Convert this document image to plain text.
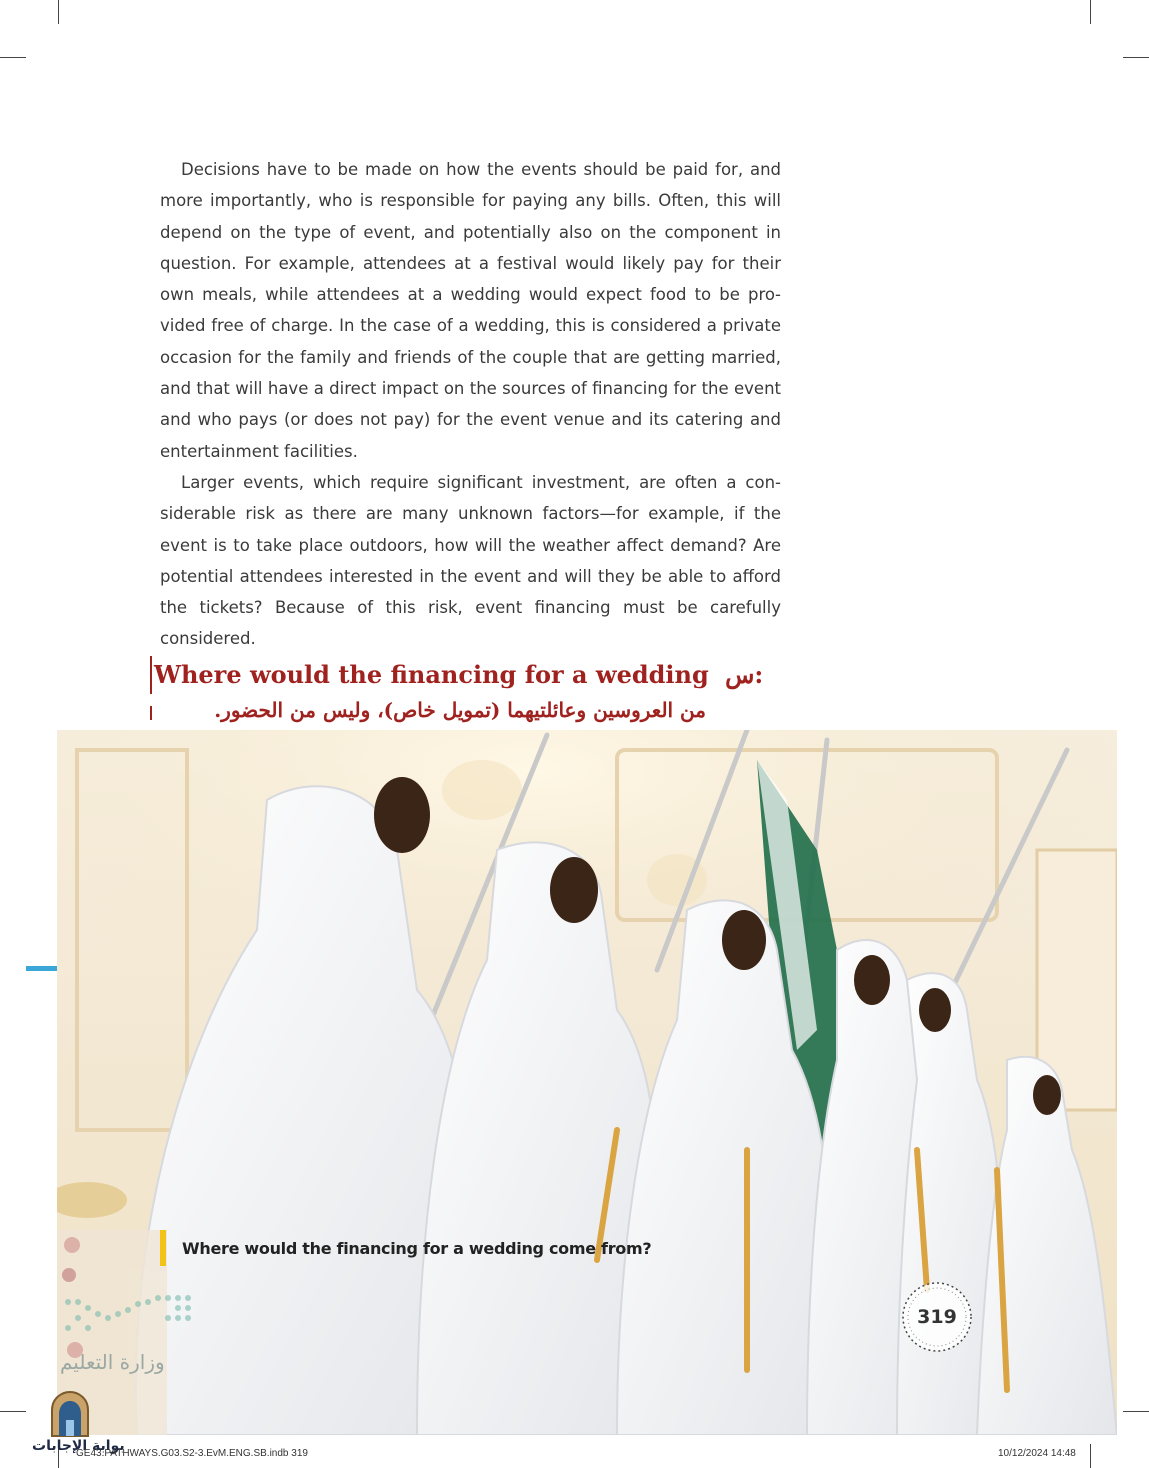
Decisions have to be made on how the events should be paid for, and more importantly, who is responsible for paying any bills. Often, this will depend on the type of event, and potentially also on the component in question. For example, attendees at a festival would likely pay for their own meals, while attendees at a wedding would expect food to be provided free of charge. In the case of a wedding, this is considered a private occasion for the family and friends of the couple that are getting married, and that will have a direct impact on the sources of financing for the event and who pays (or does not pay) for the event venue and its catering and entertainment facilities.

Larger events, which require significant investment, are often a considerable risk as there are many unknown factors—for example, if the event is to take place outdoors, how will the weather affect demand? Are potential attendees interested in the event and will they be able to afford the tickets? Because of this risk, event financing must be carefully considered.

Where would the financing for a wedding س:
من العروسين وعائلتيهما (تمويل خاص)، وليس من الحضور.
Where would the financing for a wedding come from?
وزارة التعليم
319
بوابة الإجابات
GE43.PATHWAYS.G03.S2-3.EvM.ENG.SB.indb 319	10/12/2024 14:48
